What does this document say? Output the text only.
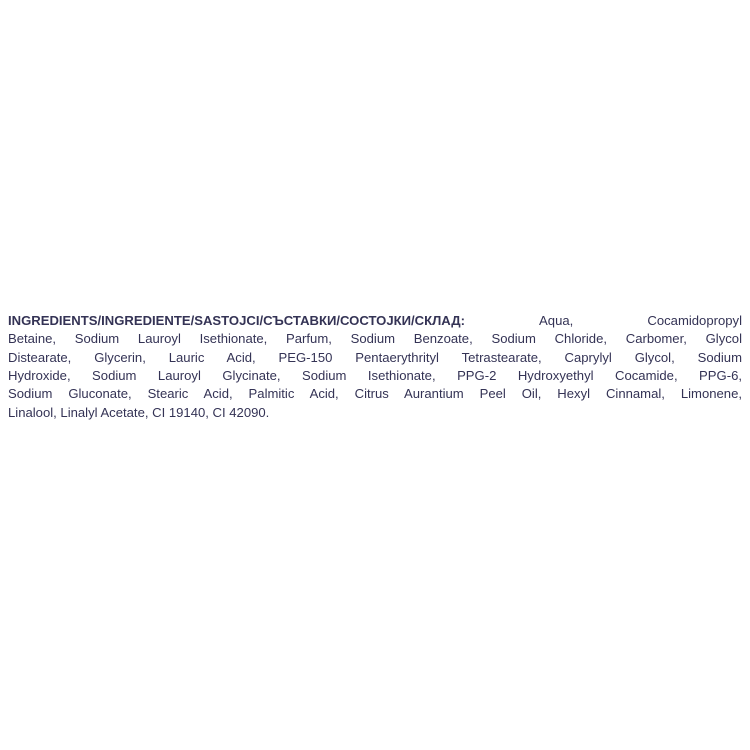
INGREDIENTS/INGREDIENTE/SASTOJCI/СЪСТАВКИ/СОСТОЈКИ/СКЛАД: Aqua, Cocamidopropyl
Betaine, Sodium Lauroyl Isethionate, Parfum, Sodium Benzoate, Sodium Chloride, Carbomer, Glycol
Distearate, Glycerin, Lauric Acid, PEG-150 Pentaerythrityl Tetrastearate, Caprylyl Glycol, Sodium
Hydroxide, Sodium Lauroyl Glycinate, Sodium Isethionate, PPG-2 Hydroxyethyl Cocamide, PPG-6,
Sodium Gluconate, Stearic Acid, Palmitic Acid, Citrus Aurantium Peel Oil, Hexyl Cinnamal, Limonene,
Linalool, Linalyl Acetate, CI 19140, CI 42090.
